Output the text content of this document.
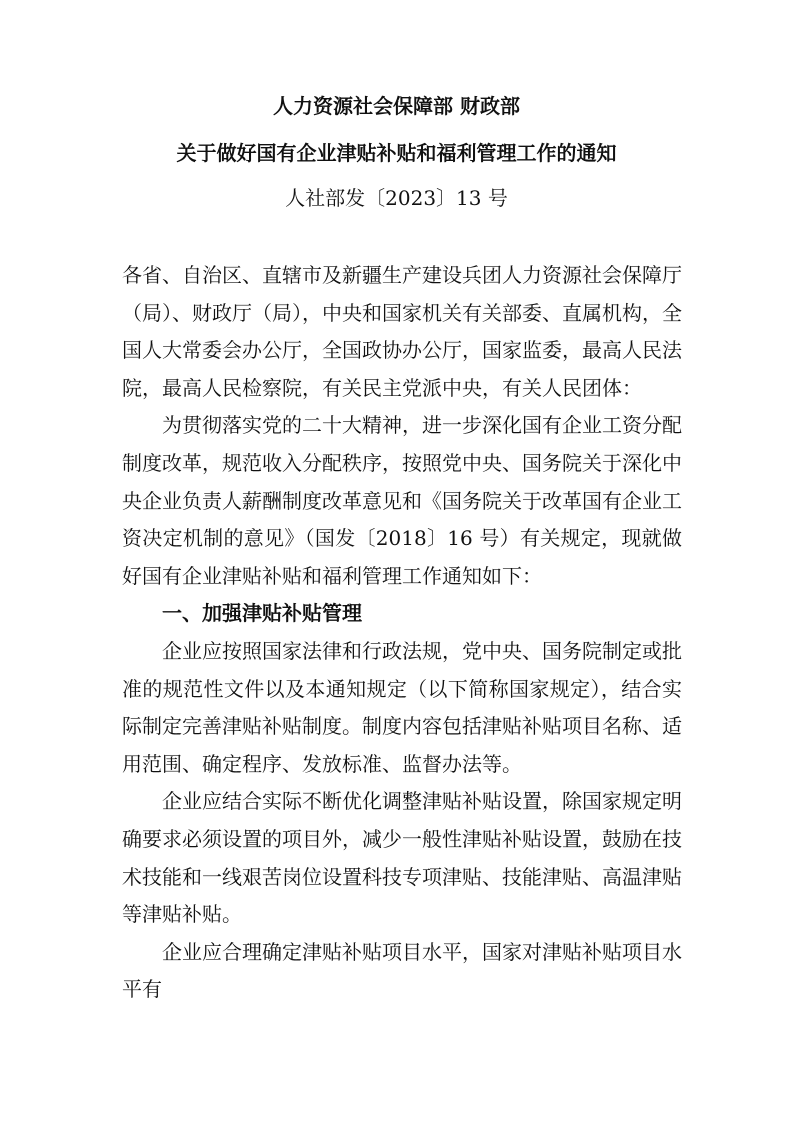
人力资源社会保障部 财政部
关于做好国有企业津贴补贴和福利管理工作的通知
人社部发〔2023〕13 号

各省、自治区、直辖市及新疆生产建设兵团人力资源社会保障厅（局）、财政厅（局），中央和国家机关有关部委、直属机构，全国人大常委会办公厅，全国政协办公厅，国家监委，最高人民法院，最高人民检察院，有关民主党派中央，有关人民团体：

为贯彻落实党的二十大精神，进一步深化国有企业工资分配制度改革，规范收入分配秩序，按照党中央、国务院关于深化中央企业负责人薪酬制度改革意见和《国务院关于改革国有企业工资决定机制的意见》（国发〔2018〕16 号）有关规定，现就做好国有企业津贴补贴和福利管理工作通知如下：

一、加强津贴补贴管理

企业应按照国家法律和行政法规，党中央、国务院制定或批准的规范性文件以及本通知规定（以下简称国家规定），结合实际制定完善津贴补贴制度。制度内容包括津贴补贴项目名称、适用范围、确定程序、发放标准、监督办法等。

企业应结合实际不断优化调整津贴补贴设置，除国家规定明确要求必须设置的项目外，减少一般性津贴补贴设置，鼓励在技术技能和一线艰苦岗位设置科技专项津贴、技能津贴、高温津贴等津贴补贴。

企业应合理确定津贴补贴项目水平，国家对津贴补贴项目水平有
